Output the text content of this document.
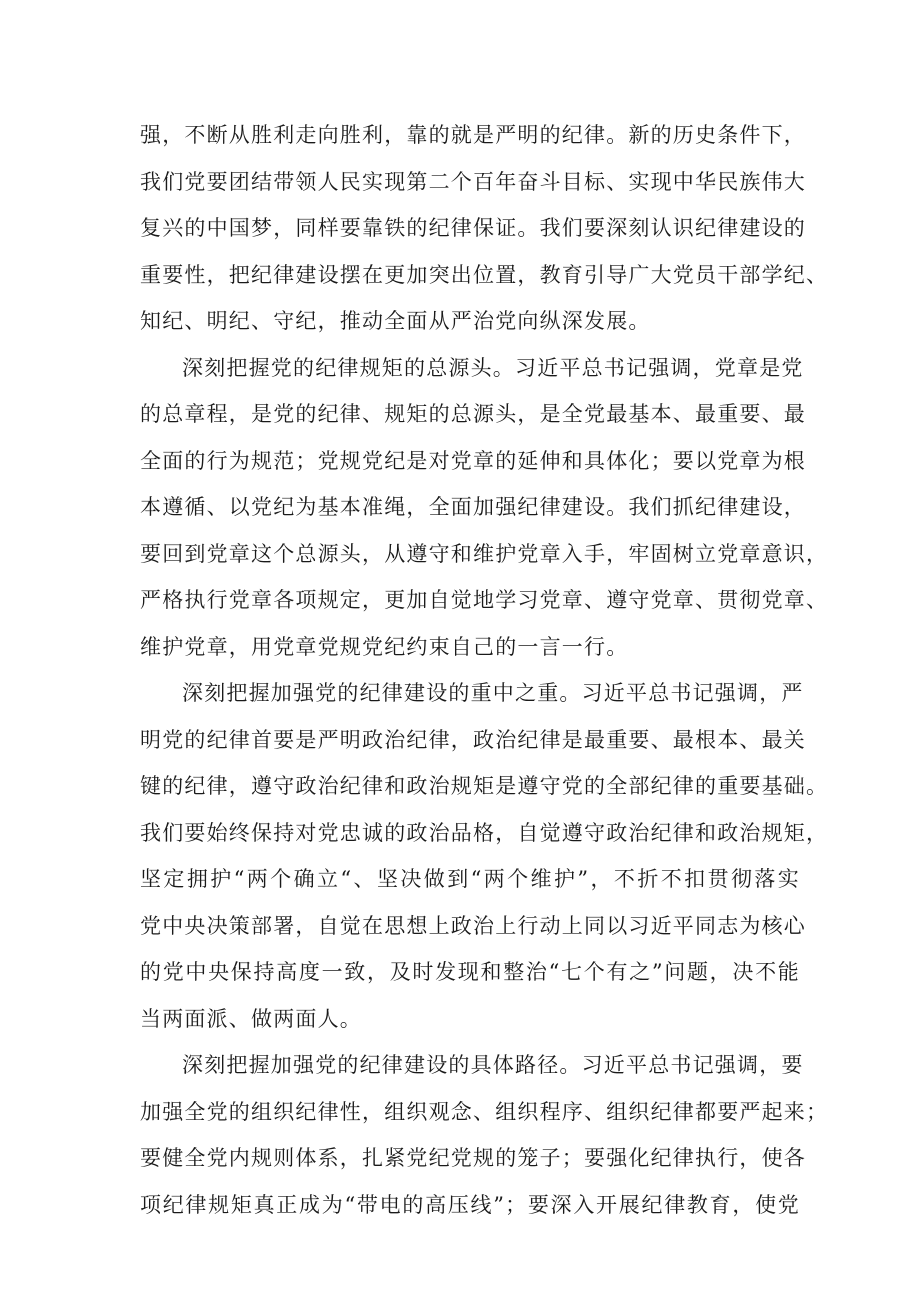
强，不断从胜利走向胜利，靠的就是严明的纪律。新的历史条件下，
我们党要团结带领人民实现第二个百年奋斗目标、实现中华民族伟大
复兴的中国梦，同样要靠铁的纪律保证。我们要深刻认识纪律建设的
重要性，把纪律建设摆在更加突出位置，教育引导广大党员干部学纪、
知纪、明纪、守纪，推动全面从严治党向纵深发展。
深刻把握党的纪律规矩的总源头。习近平总书记强调，党章是党
的总章程，是党的纪律、规矩的总源头，是全党最基本、最重要、最
全面的行为规范；党规党纪是对党章的延伸和具体化；要以党章为根
本遵循、以党纪为基本准绳，全面加强纪律建设。我们抓纪律建设，
要回到党章这个总源头，从遵守和维护党章入手，牢固树立党章意识，
严格执行党章各项规定，更加自觉地学习党章、遵守党章、贯彻党章、
维护党章，用党章党规党纪约束自己的一言一行。
深刻把握加强党的纪律建设的重中之重。习近平总书记强调，严
明党的纪律首要是严明政治纪律，政治纪律是最重要、最根本、最关
键的纪律，遵守政治纪律和政治规矩是遵守党的全部纪律的重要基础。
我们要始终保持对党忠诚的政治品格，自觉遵守政治纪律和政治规矩，
坚定拥护“两个确立“、坚决做到“两个维护”，不折不扣贯彻落实
党中央决策部署，自觉在思想上政治上行动上同以习近平同志为核心
的党中央保持高度一致，及时发现和整治“七个有之”问题，决不能
当两面派、做两面人。
深刻把握加强党的纪律建设的具体路径。习近平总书记强调，要
加强全党的组织纪律性，组织观念、组织程序、组织纪律都要严起来；
要健全党内规则体系，扎紧党纪党规的笼子；要强化纪律执行，使各
项纪律规矩真正成为“带电的高压线”；要深入开展纪律教育，使党
